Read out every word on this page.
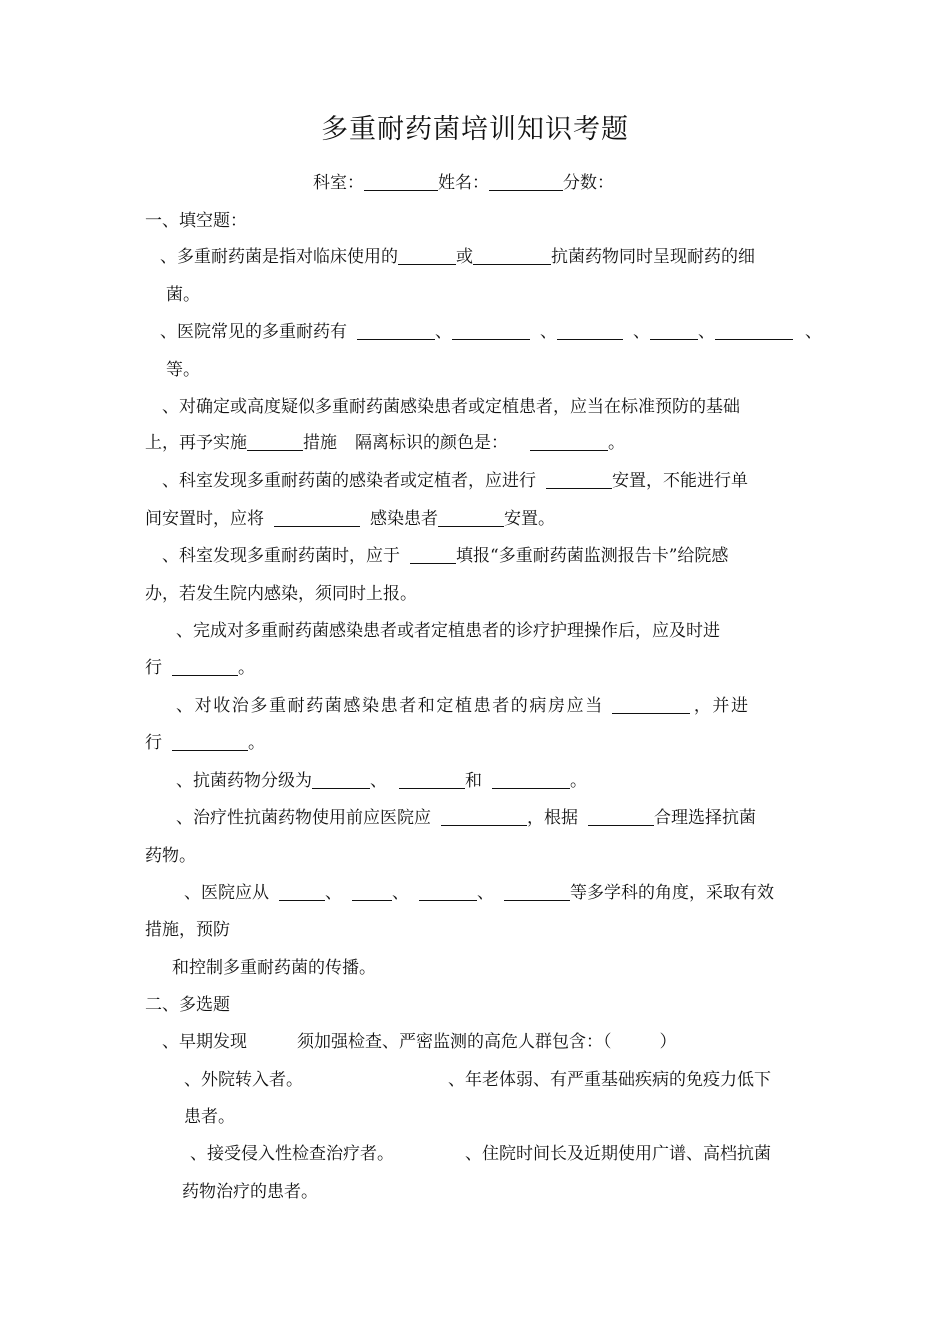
多重耐药菌培训知识考题
科室：	姓名：	分数：
一、填空题：
、多重耐药菌是指对临床使用的	或	抗菌药物同时呈现耐药的细
菌。
、医院常见的多重耐药有	、	、	、	、	、
等。
、对确定或高度疑似多重耐药菌感染患者或定植患者，应当在标准预防的基础
上，再予实施	措施 隔离标识的颜色是：	。
、科室发现多重耐药菌的感染者或定植者，应进行	安置，不能进行单
间安置时，应将	感染患者	安置。
、科室发现多重耐药菌时，应于	填报“多重耐药菌监测报告卡”给院感
办，若发生院内感染，须同时上报。
、完成对多重耐药菌感染患者或者定植患者的诊疗护理操作后，应及时进
行	。
、对收治多重耐药菌感染患者和定植患者的病房应当	，并进
行	。
、抗菌药物分级为	、	和	。
、治疗性抗菌药物使用前应医院应	，根据	合理选择抗菌
药物。
、医院应从	、	、	、	等多学科的角度，采取有效
措施，预防
和控制多重耐药菌的传播。
二、多选题
、早期发现	须加强检查、严密监测的高危人群包含：（	）
、外院转入者。	、年老体弱、有严重基础疾病的免疫力低下
患者。
、接受侵入性检查治疗者。	、住院时间长及近期使用广谱、高档抗菌
药物治疗的患者。
